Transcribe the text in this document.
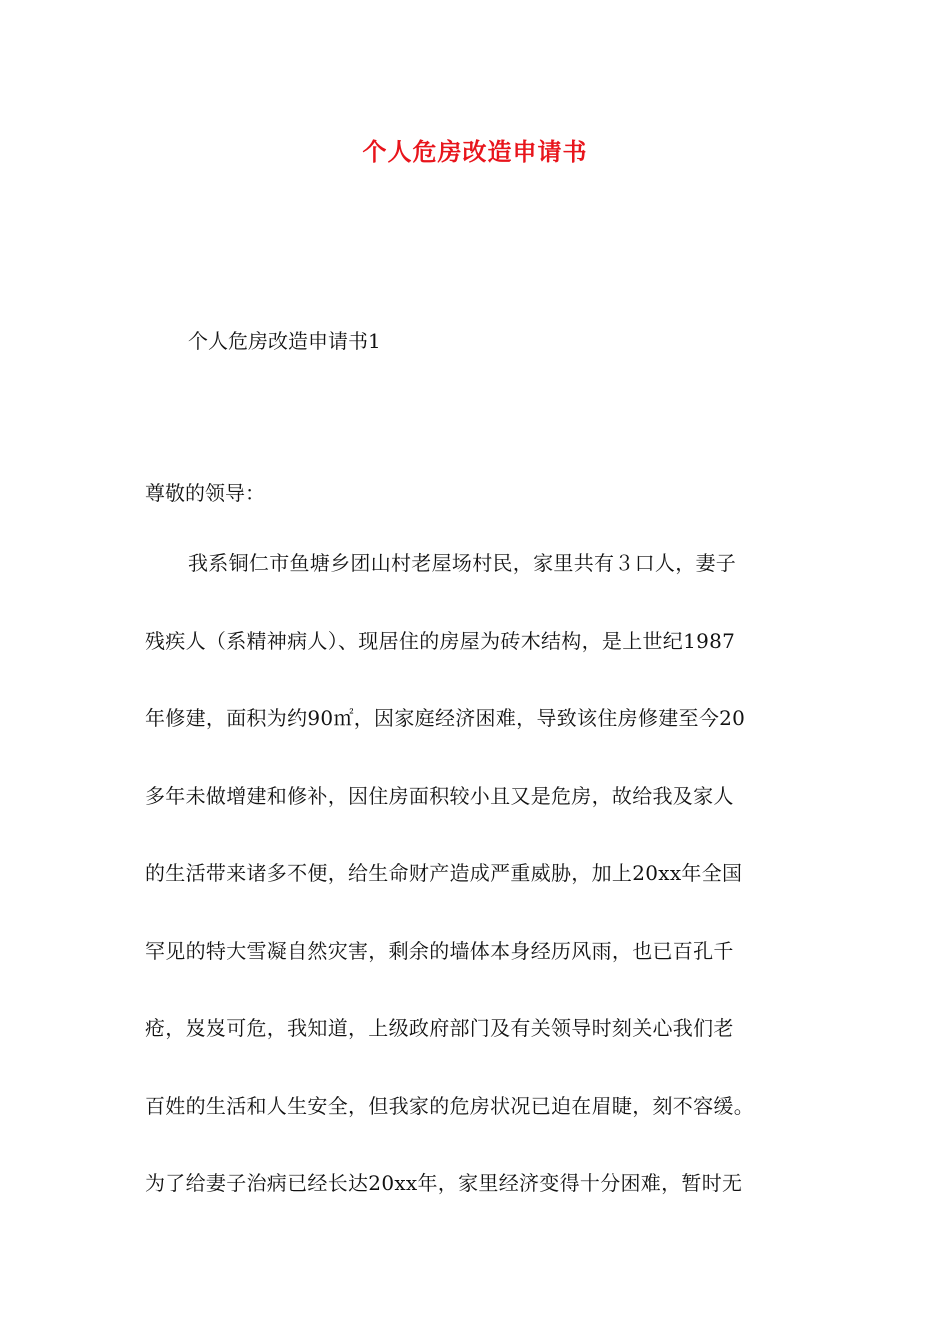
个人危房改造申请书
个人危房改造申请书1
尊敬的领导：
我系铜仁市鱼塘乡团山村老屋场村民，家里共有３口人，妻子
残疾人（系精神病人）、现居住的房屋为砖木结构，是上世纪1987
年修建，面积为约90㎡，因家庭经济困难，导致该住房修建至今20
多年未做增建和修补，因住房面积较小且又是危房，故给我及家人
的生活带来诸多不便，给生命财产造成严重威胁，加上20xx年全国
罕见的特大雪凝自然灾害，剩余的墙体本身经历风雨，也已百孔千
疮，岌岌可危，我知道，上级政府部门及有关领导时刻关心我们老
百姓的生活和人生安全，但我家的危房状况已迫在眉睫，刻不容缓。
为了给妻子治病已经长达20xx年，家里经济变得十分困难，暂时无
